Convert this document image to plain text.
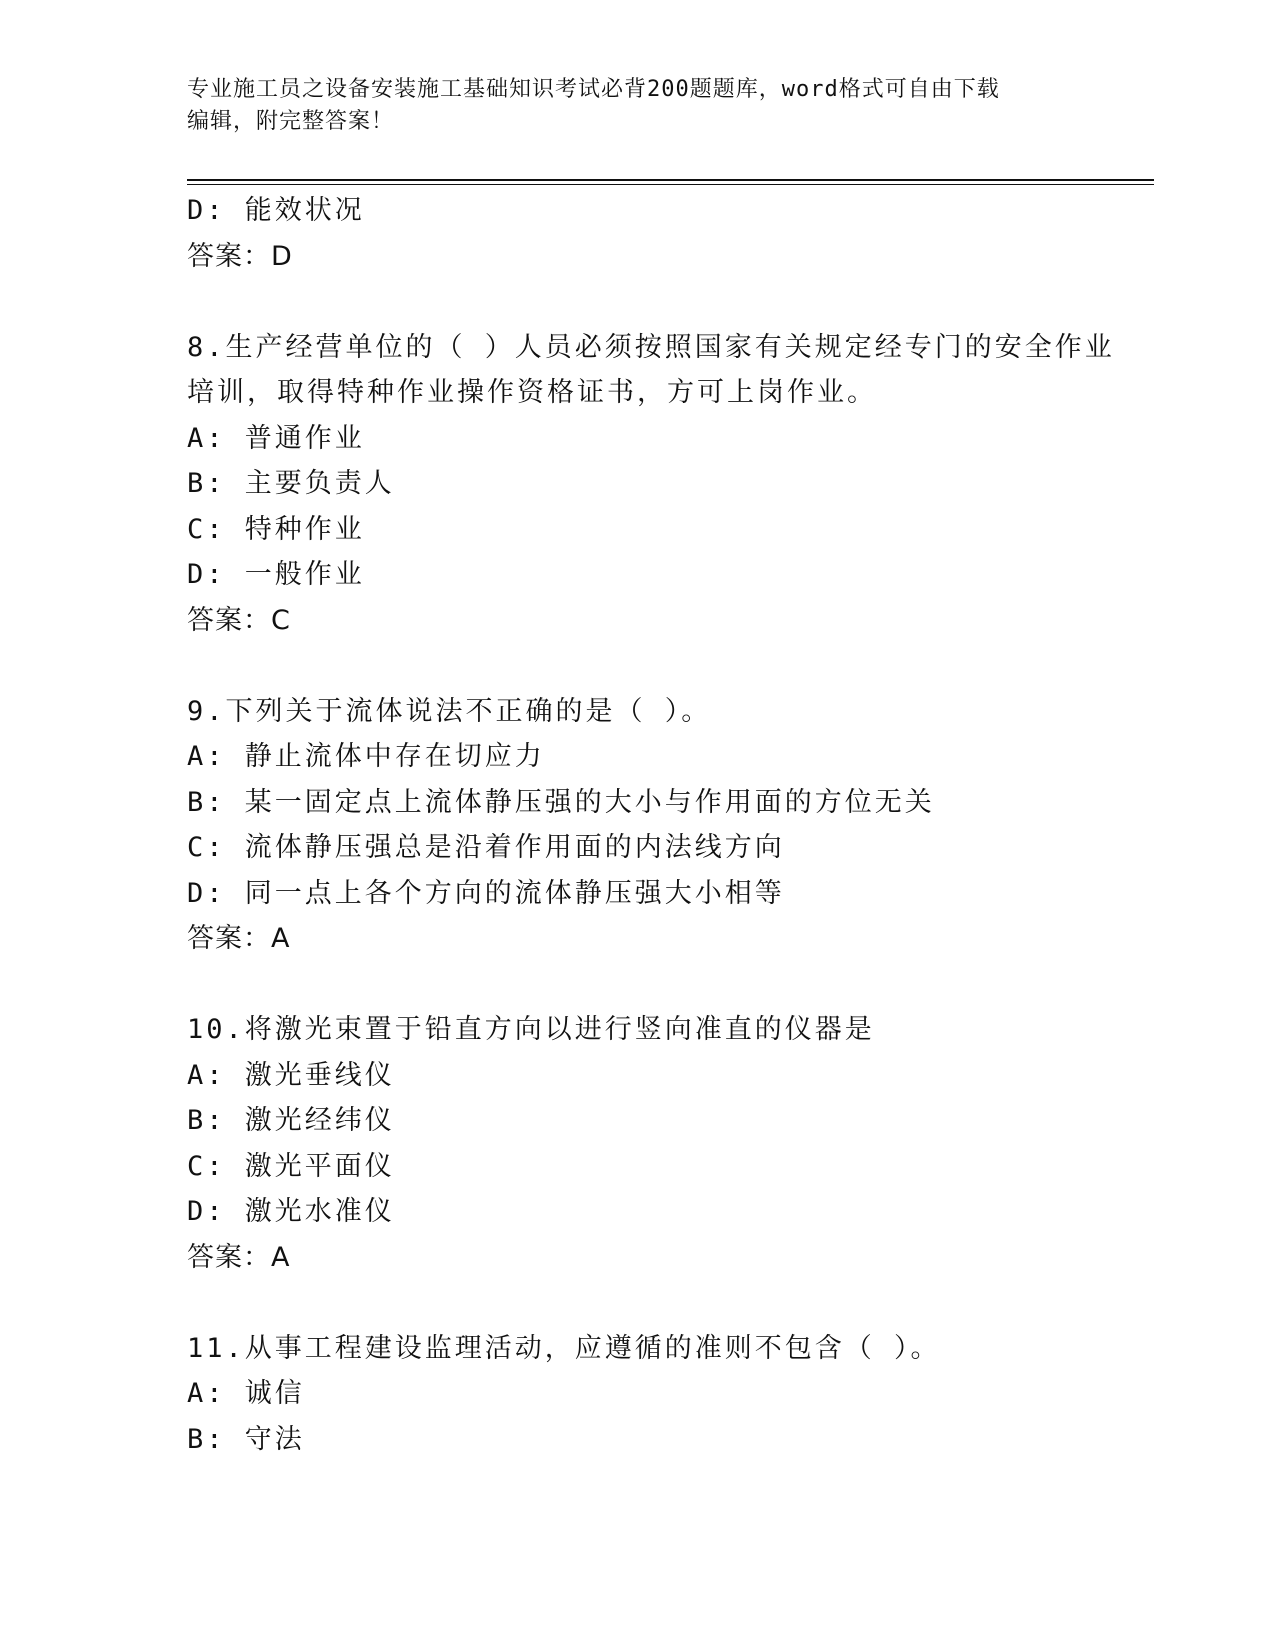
专业施工员之设备安装施工基础知识考试必背200题题库，word格式可自由下载
编辑，附完整答案！
D: 能效状况
答案：D
8.生产经营单位的（ ）人员必须按照国家有关规定经专门的安全作业
培训，取得特种作业操作资格证书，方可上岗作业。
A: 普通作业
B: 主要负责人
C: 特种作业
D: 一般作业
答案：C
9.下列关于流体说法不正确的是（ ）。
A: 静止流体中存在切应力
B: 某一固定点上流体静压强的大小与作用面的方位无关
C: 流体静压强总是沿着作用面的内法线方向
D: 同一点上各个方向的流体静压强大小相等
答案：A
10.将激光束置于铅直方向以进行竖向准直的仪器是
A: 激光垂线仪
B: 激光经纬仪
C: 激光平面仪
D: 激光水准仪
答案：A
11.从事工程建设监理活动，应遵循的准则不包含（ ）。
A: 诚信
B: 守法
